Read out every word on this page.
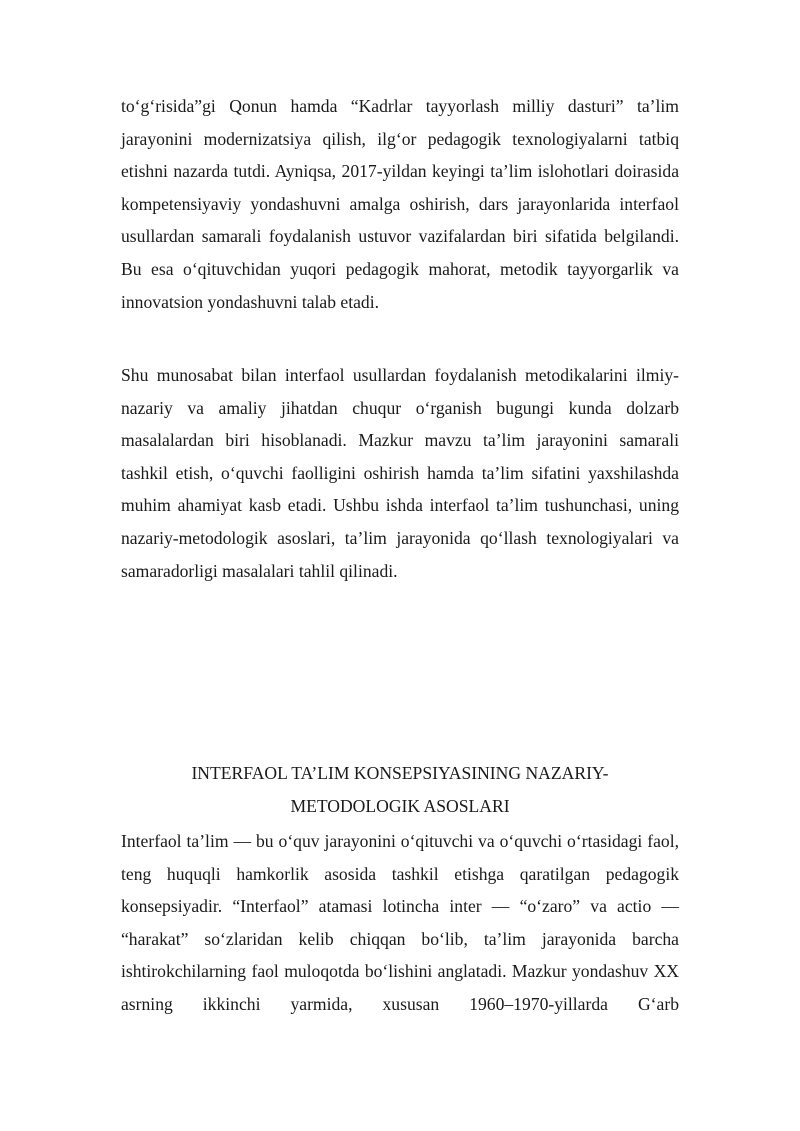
to‘g‘risida”gi Qonun hamda “Kadrlar tayyorlash milliy dasturi” ta’lim jarayonini modernizatsiya qilish, ilg‘or pedagogik texnologiyalarni tatbiq etishni nazarda tutdi. Ayniqsa, 2017-yildan keyingi ta’lim islohotlari doirasida kompetensiyaviy yondashuvni amalga oshirish, dars jarayonlarida interfaol usullardan samarali foydalanish ustuvor vazifalardan biri sifatida belgilandi. Bu esa o‘qituvchidan yuqori pedagogik mahorat, metodik tayyorgarlik va innovatsion yondashuvni talab etadi.

Shu munosabat bilan interfaol usullardan foydalanish metodikalarini ilmiy-nazariy va amaliy jihatdan chuqur o‘rganish bugungi kunda dolzarb masalalardan biri hisoblanadi. Mazkur mavzu ta’lim jarayonini samarali tashkil etish, o‘quvchi faolligini oshirish hamda ta’lim sifatini yaxshilashda muhim ahamiyat kasb etadi. Ushbu ishda interfaol ta’lim tushunchasi, uning nazariy-metodologik asoslari, ta’lim jarayonida qo‘llash texnologiyalari va samaradorligi masalalari tahlil qilinadi.

INTERFAOL TA’LIM KONSEPSIYASINING NAZARIY-
METODOLOGIK ASOSLARI

Interfaol ta’lim — bu o‘quv jarayonini o‘qituvchi va o‘quvchi o‘rtasidagi faol, teng huquqli hamkorlik asosida tashkil etishga qaratilgan pedagogik konsepsiyadir. “Interfaol” atamasi lotincha inter — “o‘zaro” va actio — “harakat” so‘zlaridan kelib chiqqan bo‘lib, ta’lim jarayonida barcha ishtirokchilarning faol muloqotda bo‘lishini anglatadi. Mazkur yondashuv XX asrning ikkinchi yarmida, xususan 1960–1970-yillarda G‘arb
